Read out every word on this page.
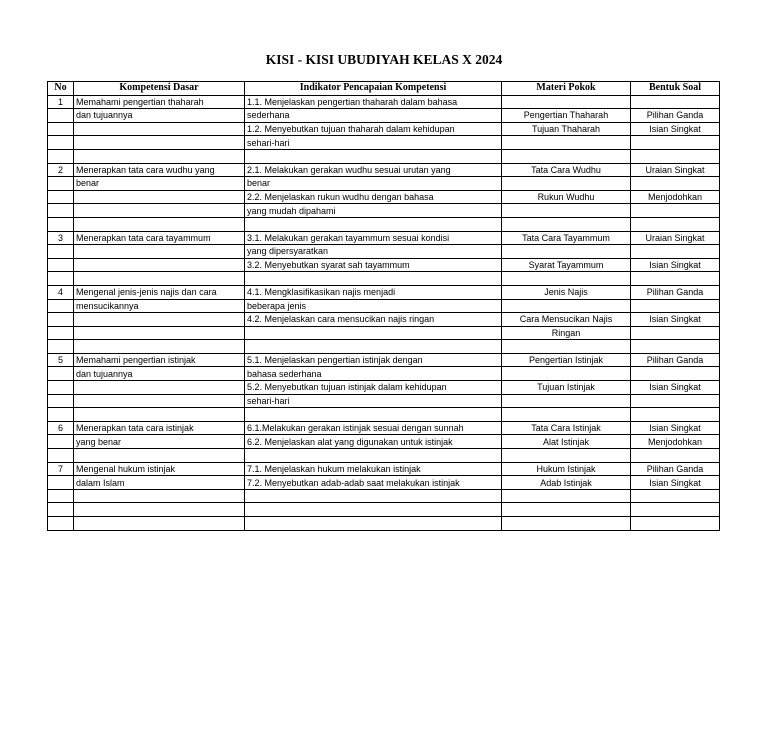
KISI - KISI UBUDIYAH KELAS X 2024
No	Kompetensi Dasar	Indikator Pencapaian Kompetensi	Materi Pokok	Bentuk Soal
1	Memahami pengertian thaharah	1.1. Menjelaskan pengertian thaharah dalam bahasa		
	dan tujuannya	sederhana	Pengertian Thaharah	Pilihan Ganda
		1.2. Menyebutkan tujuan thaharah dalam kehidupan	Tujuan Thaharah	Isian Singkat
		sehari-hari		

2	Menerapkan tata cara wudhu yang	2.1. Melakukan gerakan wudhu sesuai urutan yang	Tata Cara Wudhu	Uraian Singkat
	benar	benar		
		2.2. Menjelaskan rukun wudhu dengan bahasa	Rukun Wudhu	Menjodohkan
		yang mudah dipahami		

3	Menerapkan tata cara tayammum	3.1. Melakukan gerakan tayammum sesuai kondisi	Tata Cara Tayammum	Uraian Singkat
		yang dipersyaratkan		
		3.2. Menyebutkan syarat sah tayammum	Syarat Tayammum	Isian Singkat

4	Mengenal jenis-jenis najis dan cara	4.1. Mengklasifikasikan najis menjadi	Jenis Najis	Pilihan Ganda
	mensucikannya	beberapa jenis		
		4.2. Menjelaskan cara mensucikan najis ringan	Cara Mensucikan Najis	Isian Singkat
			Ringan	

5	Memahami pengertian istinjak	5.1. Menjelaskan pengertian istinjak dengan	Pengertian Istinjak	Pilihan Ganda
	dan tujuannya	bahasa sederhana		
		5.2. Menyebutkan tujuan istinjak dalam kehidupan	Tujuan Istinjak	Isian Singkat
		sehari-hari		

6	Menerapkan tata cara istinjak	6.1.Melakukan gerakan istinjak sesuai dengan sunnah	Tata Cara Istinjak	Isian Singkat
	yang benar	6.2. Menjelaskan alat yang digunakan untuk istinjak	Alat Istinjak	Menjodohkan

7	Mengenal hukum istinjak	7.1. Menjelaskan hukum melakukan istinjak	Hukum Istinjak	Pilihan Ganda
	dalam Islam	7.2. Menyebutkan adab-adab saat melakukan istinjak	Adab Istinjak	Isian Singkat
